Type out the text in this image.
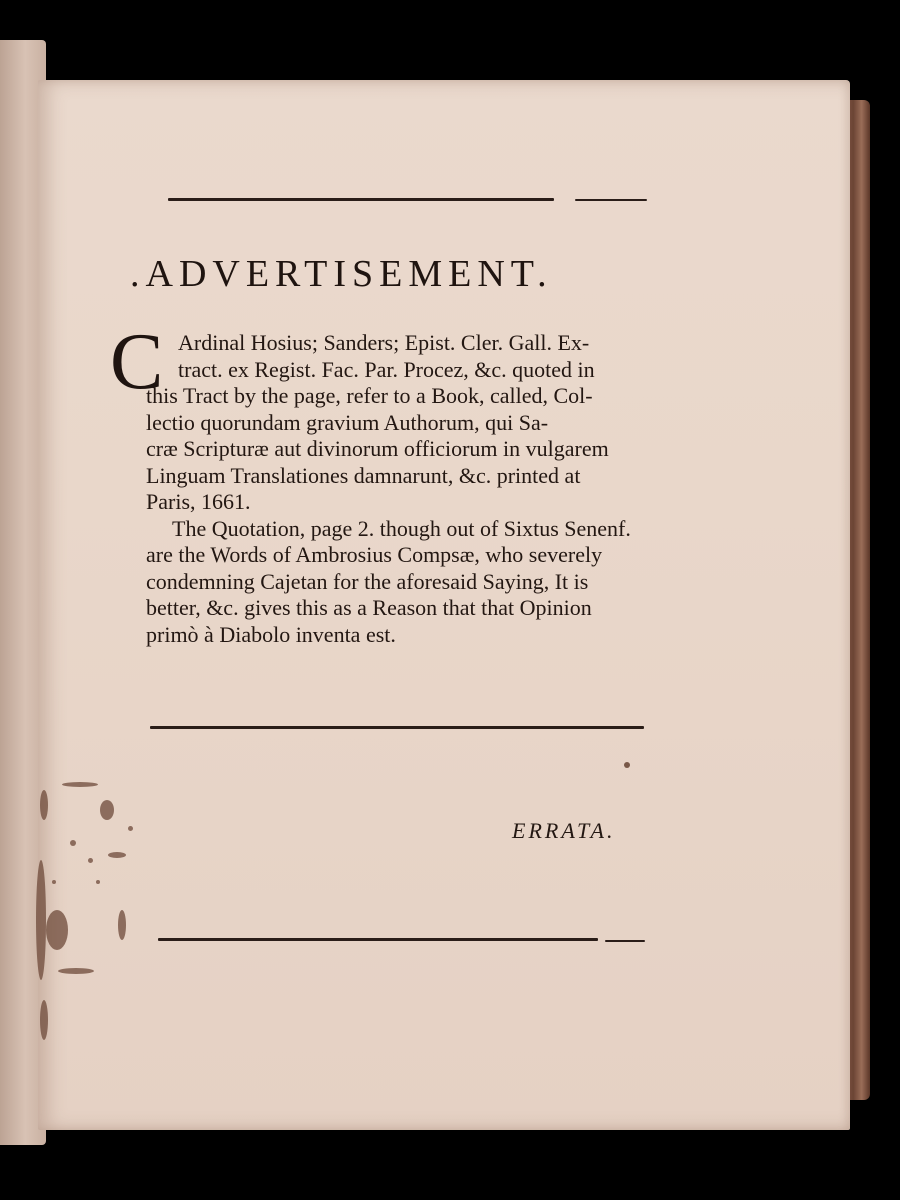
.ADVERTISEMENT.
C Ardinal Hosius; Sanders; Epist. Cler. Gall. Ex-
tract. ex Regist. Fac. Par. Procez, &c. quoted in
this Tract by the page, refer to a Book, called, Col-
lectio quorundam gravium Authorum, qui Sa-
cræ Scripturæ aut divinorum officiorum in vulgarem
Linguam Translationes damnarunt, &c. printed at
Paris, 1661.
The Quotation, page 2. though out of Sixtus Senenf.
are the Words of Ambrosius Compsæ, who severely
condemning Cajetan for the aforesaid Saying, It is
better, &c. gives this as a Reason that that Opinion
primò à Diabolo inventa est.
ERRATA.
